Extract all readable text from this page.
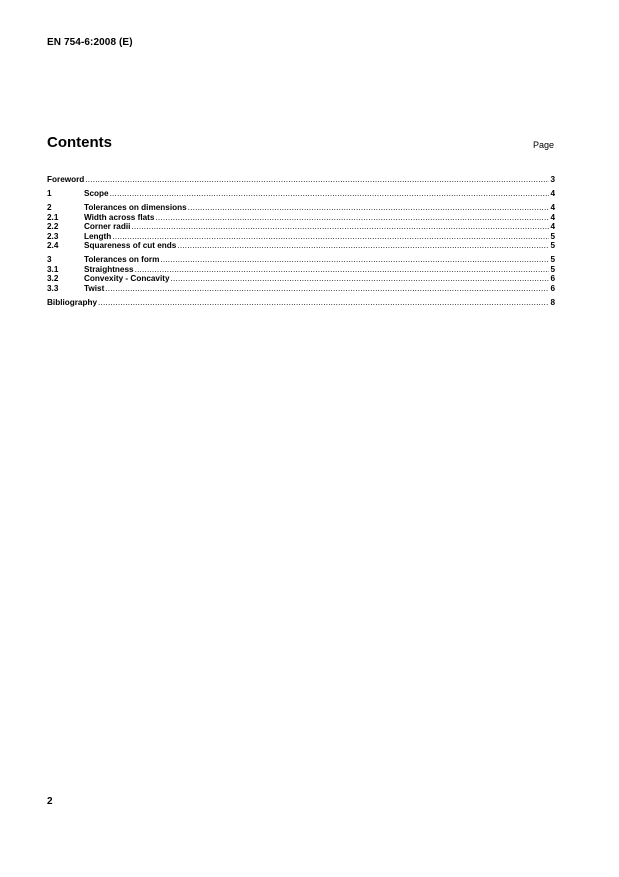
EN 754-6:2008 (E)
Contents	Page
Foreword .....	3
1	Scope .....	4
2	Tolerances on dimensions .....	4
2.1	Width across flats .....	4
2.2	Corner radii .....	4
2.3	Length .....	5
2.4	Squareness of cut ends .....	5
3	Tolerances on form .....	5
3.1	Straightness .....	5
3.2	Convexity - Concavity .....	6
3.3	Twist .....	6
Bibliography .....	8
2
